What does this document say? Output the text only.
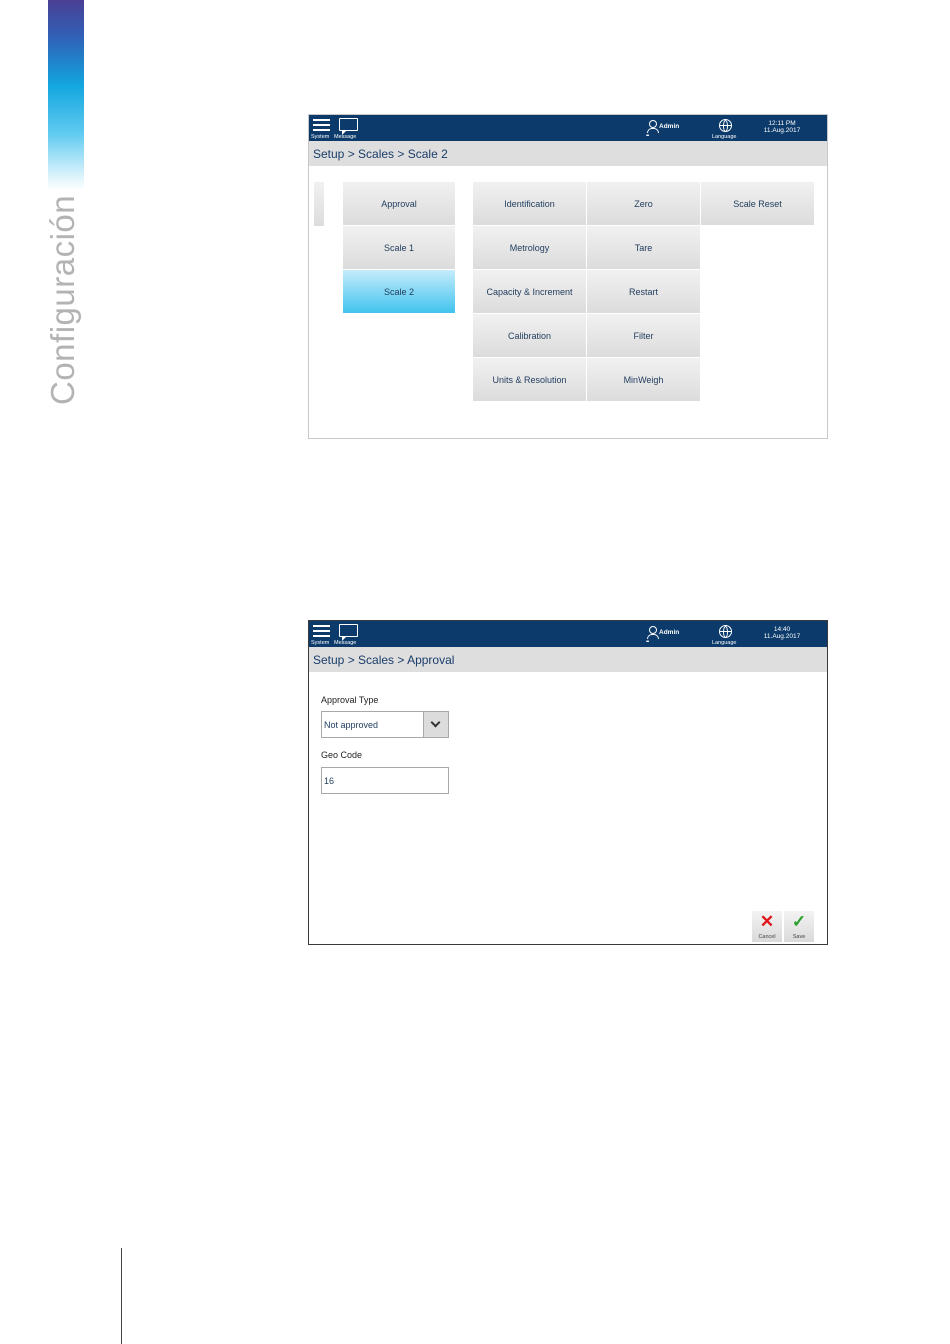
Configuración
System Message	•••
Admin
Language
12:11 PM
11.Aug.2017
Setup > Scales > Scale 2
Approval
Scale 1
Scale 2
Identification	Zero	Scale Reset
Metrology	Tare
Capacity & Increment	Restart
Calibration	Filter
Units & Resolution	MinWeigh
System Message	•••
Admin
Language
14:40
11.Aug.2017
Setup > Scales > Approval
Approval Type
Not approved
Geo Code
16
✕
Cancel
✓
Save
